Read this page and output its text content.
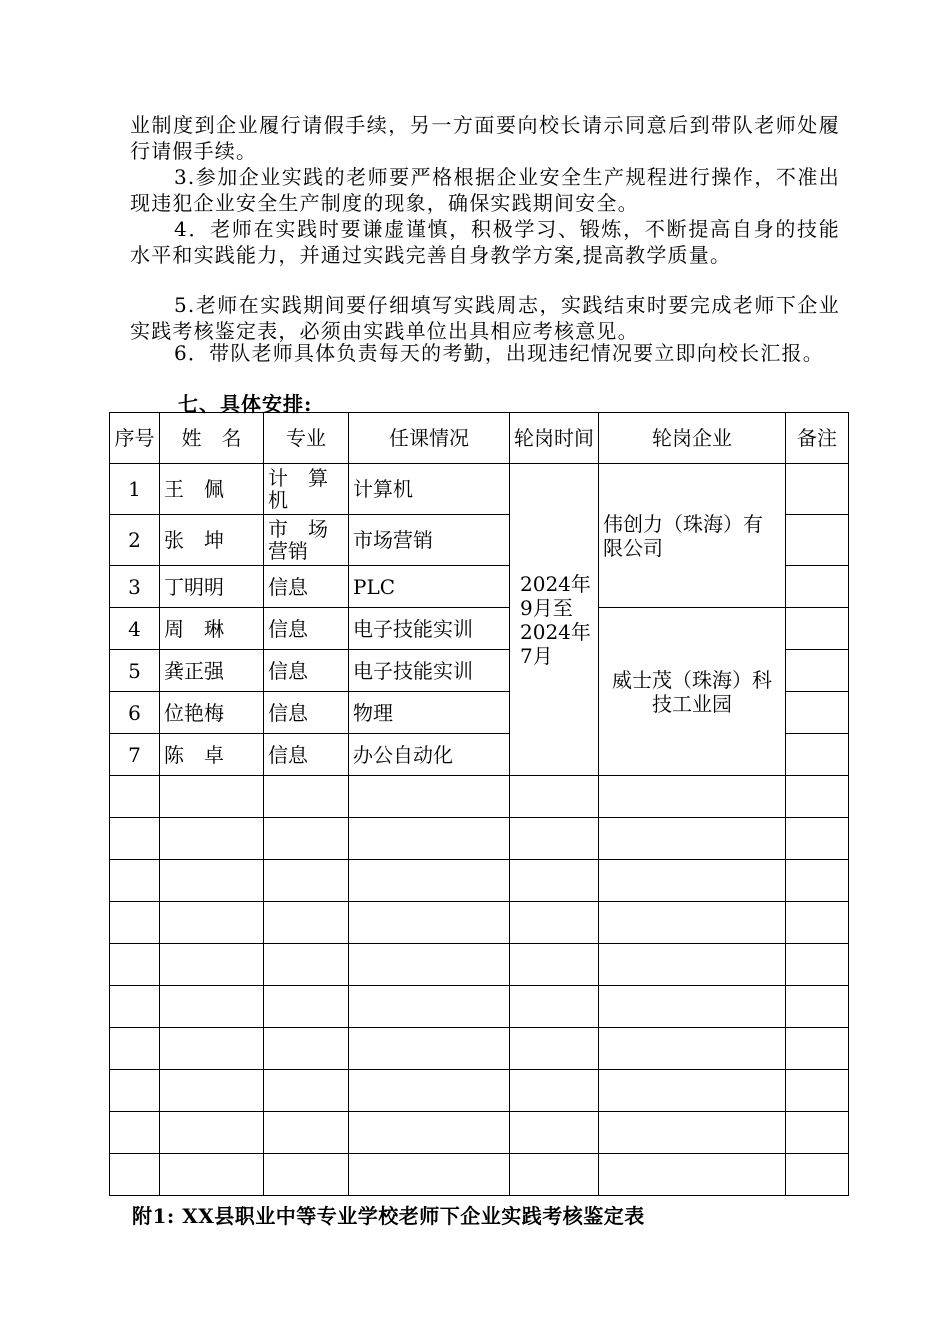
业制度到企业履行请假手续，另一方面要向校长请示同意后到带队老师处履行请假手续。

3.参加企业实践的老师要严格根据企业安全生产规程进行操作，不准出现违犯企业安全生产制度的现象，确保实践期间安全。

4．老师在实践时要谦虚谨慎，积极学习、锻炼，不断提高自身的技能水平和实践能力，并通过实践完善自身教学方案,提高教学质量。

5.老师在实践期间要仔细填写实践周志，实践结束时要完成老师下企业实践考核鉴定表，必须由实践单位出具相应考核意见。

6．带队老师具体负责每天的考勤，出现违纪情况要立即向校长汇报。

七、具体安排:

序号	姓　名	专业	任课情况	轮岗时间	轮岗企业	备注
1	王　佩	计　算机	计算机	2024年9月至2024年7月	伟创力（珠海）有限公司	
2	张　坤	市　场营销	市场营销			
3	丁明明	信息	PLC			
4	周　琳	信息	电子技能实训		威士茂（珠海）科技工业园	
5	龚正强	信息	电子技能实训			
6	位艳梅	信息	物理			
7	陈　卓	信息	办公自动化			

附1: XX县职业中等专业学校老师下企业实践考核鉴定表
